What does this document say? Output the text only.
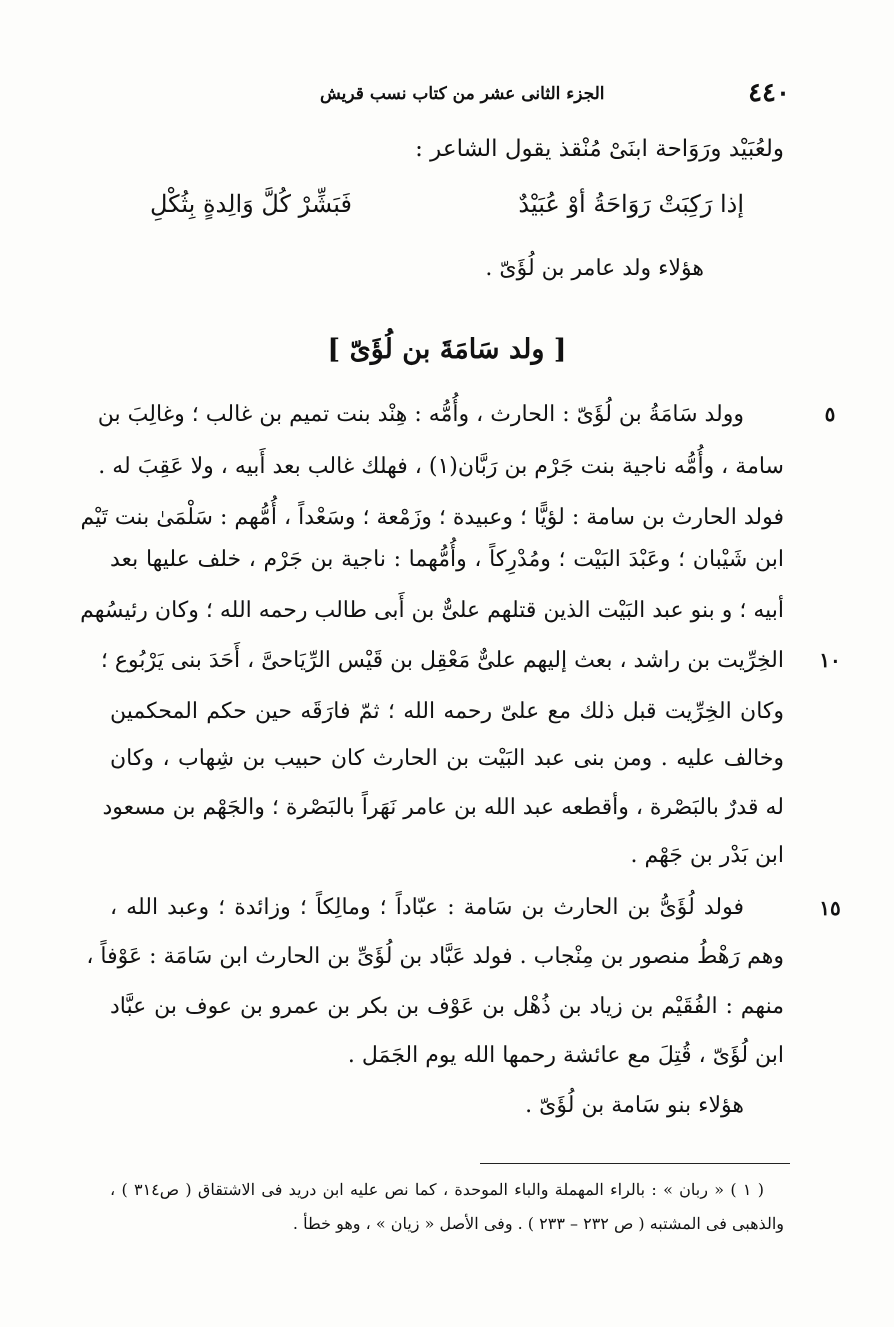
٤٤٠
الجزء الثانى عشر من كتاب نسب قريش
ولعُبَيْد ورَوَاحة ابنَىْ مُنْقذ يقول الشاعر :
إذا رَكِبَتْ رَوَاحَةُ أوْ عُبَيْدٌ
فَبَشِّرْ كُلَّ وَالِدةٍ بِثُكْلِ
هؤلاء ولد عامر بن لُؤَىّ .
[ ولد سَامَةَ بن لُؤَىّ ]
وولد سَامَةُ بن لُؤَىّ : الحارث ، وأُمُّه : هِنْد بنت تميم بن غالب ؛ وغالِبَ بن	٥
سامة ، وأُمُّه ناجية بنت جَرْم بن رَبَّان(١) ، فهلك غالب بعد أَبيه ، ولا عَقِبَ له .
فولد الحارث بن سامة : لؤيًّا ؛ وعبيدة ؛ وزَمْعة ؛ وسَعْداً ، أُمُّهم : سَلْمَىٰ بنت تَيْم
ابن شَيْبان ؛ وعَبْدَ البَيْت ؛ ومُدْرِكاً ، وأُمُّهما : ناجية بن جَرْم ، خلف عليها بعد
أبيه ؛ و بنو عبد البَيْت الذين قتلهم علىٌّ بن أَبى طالب رحمه الله ؛ وكان رئيسُهم
الخِرِّيت بن راشد ، بعث إليهم علىٌّ مَعْقِل بن قَيْس الرِّيَاحىَّ ، أَحَدَ بنى يَرْبُوع ؛	١٠
وكان الخِرِّيت قبل ذلك مع علىّ رحمه الله ؛ ثمّ فارَقَه حين حكم المحكمين
وخالف عليه . ومن بنى عبد البَيْت بن الحارث كان حبيب بن شِهاب ، وكان
له قدرٌ بالبَصْرة ، وأقطعه عبد الله بن عامر نَهَراً بالبَصْرة ؛ والجَهْم بن مسعود
ابن بَدْر بن جَهْم .
فولد لُؤَىُّ بن الحارث بن سَامة : عبّاداً ؛ ومالِكاً ؛ وزائدة ؛ وعبد الله ،	١٥
وهم رَهْطُ منصور بن مِنْجاب . فولد عَبَّاد بن لُؤَىِّ بن الحارث ابن سَامَة : عَوْفاً ،
منهم : الفُقَيْم بن زياد بن ذُهْل بن عَوْف بن بكر بن عمرو بن عوف بن عبَّاد
ابن لُؤَىّ ، قُتِلَ مع عائشة رحمها الله يوم الجَمَل .
هؤلاء بنو سَامة بن لُؤَىّ .
( ١ ) « ربان » : بالراء المهملة والباء الموحدة ، كما نص عليه ابن دريد فى الاشتقاق ( ص٣١٤ ) ،
والذهبى فى المشتبه ( ص ٢٣٢ – ٢٣٣ ) . وفى الأصل « زيان » ، وهو خطأ .
